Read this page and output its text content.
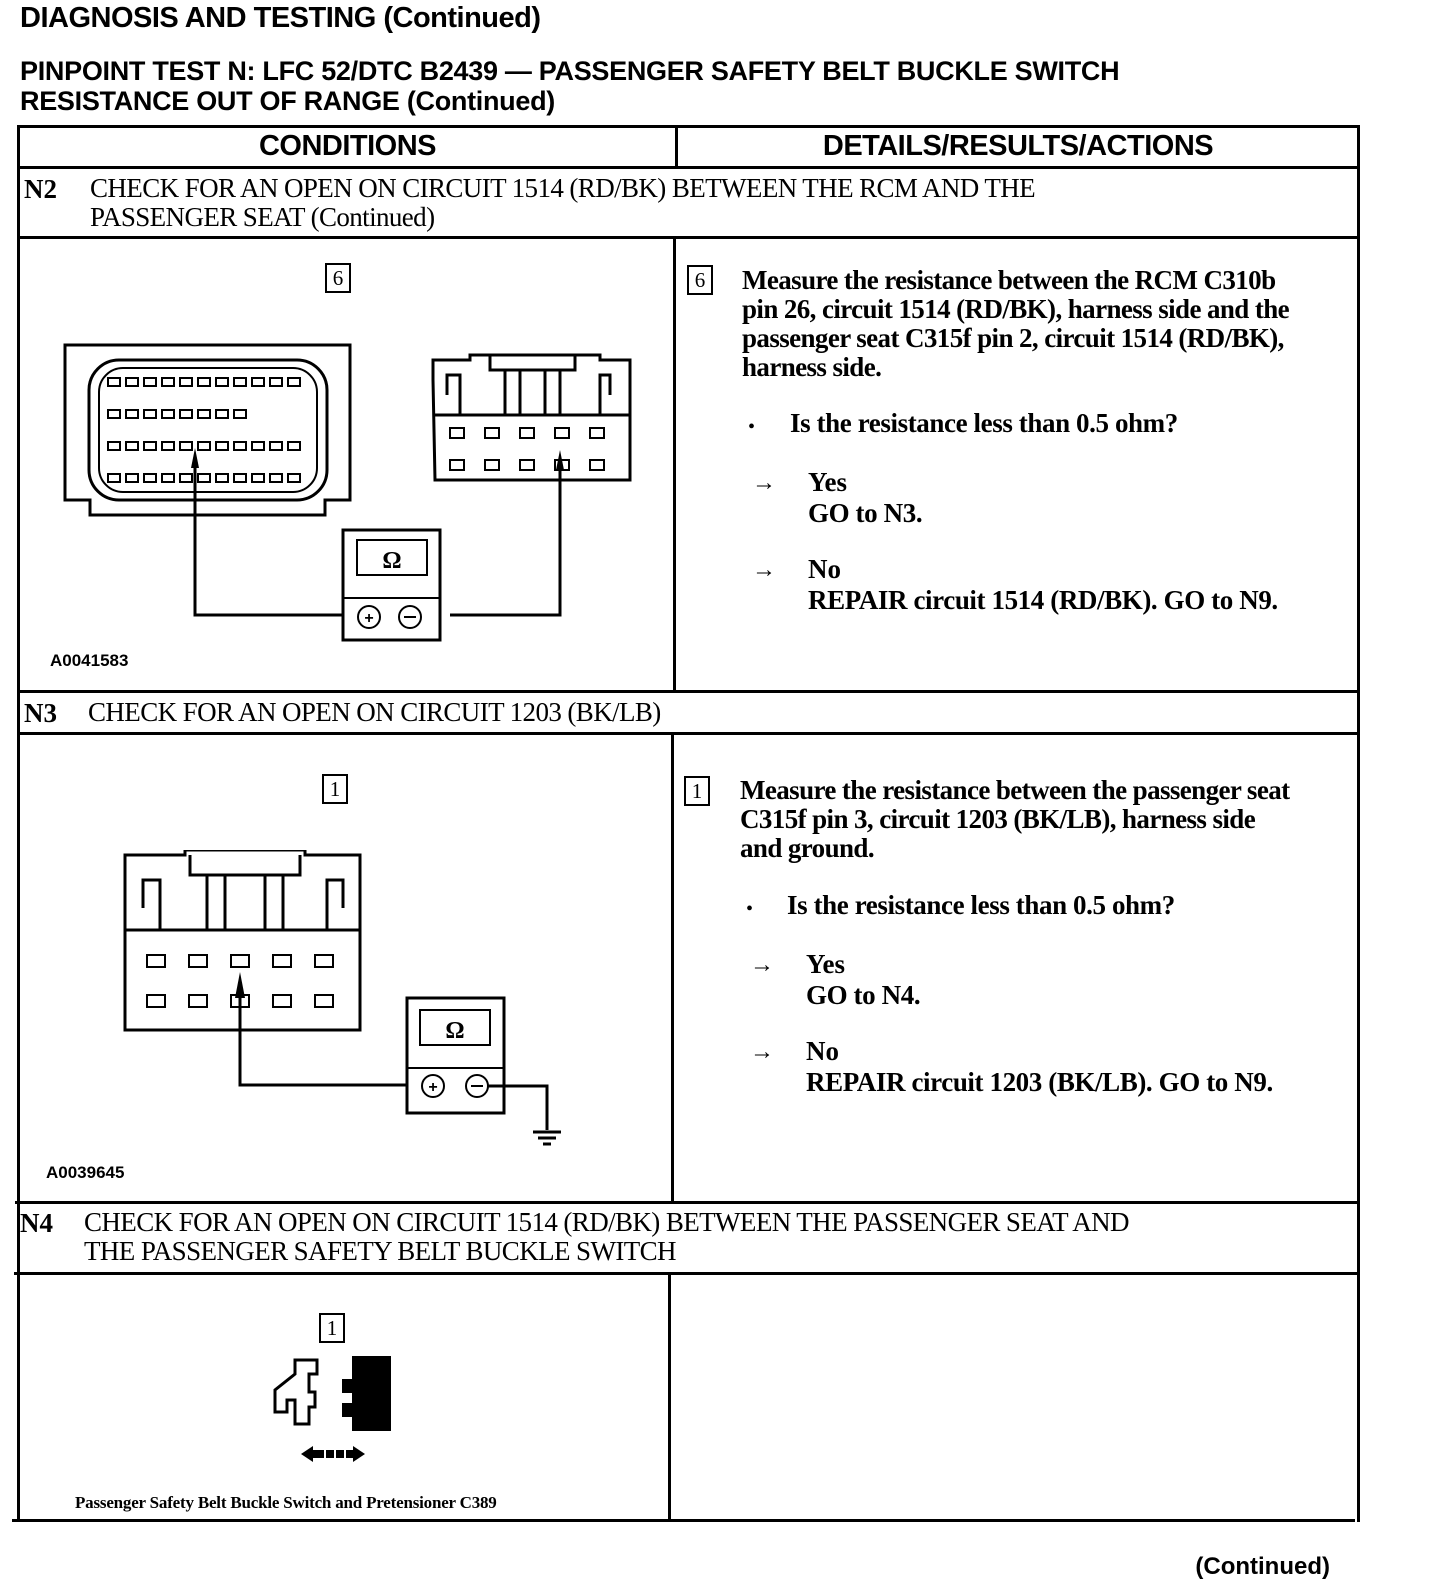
DIAGNOSIS AND TESTING (Continued)
PINPOINT TEST N: LFC 52/DTC B2439 — PASSENGER SAFETY BELT BUCKLE SWITCH
RESISTANCE OUT OF RANGE (Continued)
CONDITIONS	DETAILS/RESULTS/ACTIONS
N2 CHECK FOR AN OPEN ON CIRCUIT 1514 (RD/BK) BETWEEN THE RCM AND THE
PASSENGER SEAT (Continued)
6
Ω
+
A0041583
6 Measure the resistance between the RCM C310b
pin 26, circuit 1514 (RD/BK), harness side and the
passenger seat C315f pin 2, circuit 1514 (RD/BK),
harness side.
• Is the resistance less than 0.5 ohm?
→ Yes
GO to N3.
→ No
REPAIR circuit 1514 (RD/BK). GO to N9.
N3 CHECK FOR AN OPEN ON CIRCUIT 1203 (BK/LB)
1
Ω
+
A0039645
1 Measure the resistance between the passenger seat
C315f pin 3, circuit 1203 (BK/LB), harness side
and ground.
• Is the resistance less than 0.5 ohm?
→ Yes
GO to N4.
→ No
REPAIR circuit 1203 (BK/LB). GO to N9.
N4 CHECK FOR AN OPEN ON CIRCUIT 1514 (RD/BK) BETWEEN THE PASSENGER SEAT AND
THE PASSENGER SAFETY BELT BUCKLE SWITCH
1
Passenger Safety Belt Buckle Switch and Pretensioner C389
(Continued)
